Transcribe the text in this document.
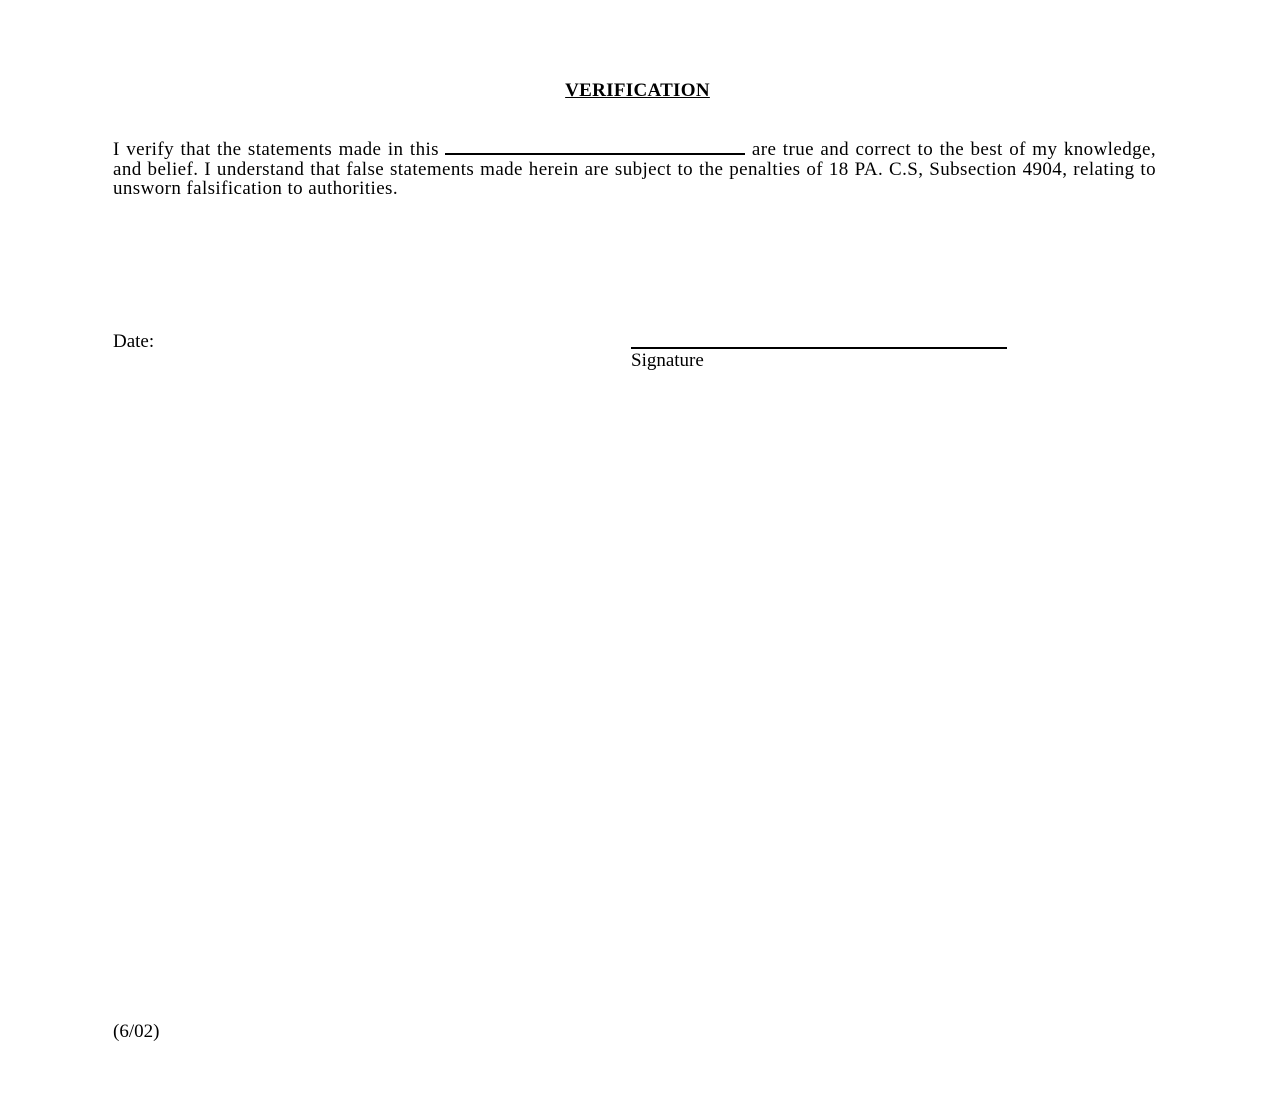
VERIFICATION
I verify that the statements made in this	are true and correct to the best of my knowledge, and belief. I understand that false statements made herein are subject to the penalties of 18 PA. C.S, Subsection 4904, relating to unsworn falsification to authorities.
Date:
Signature
(6/02)
